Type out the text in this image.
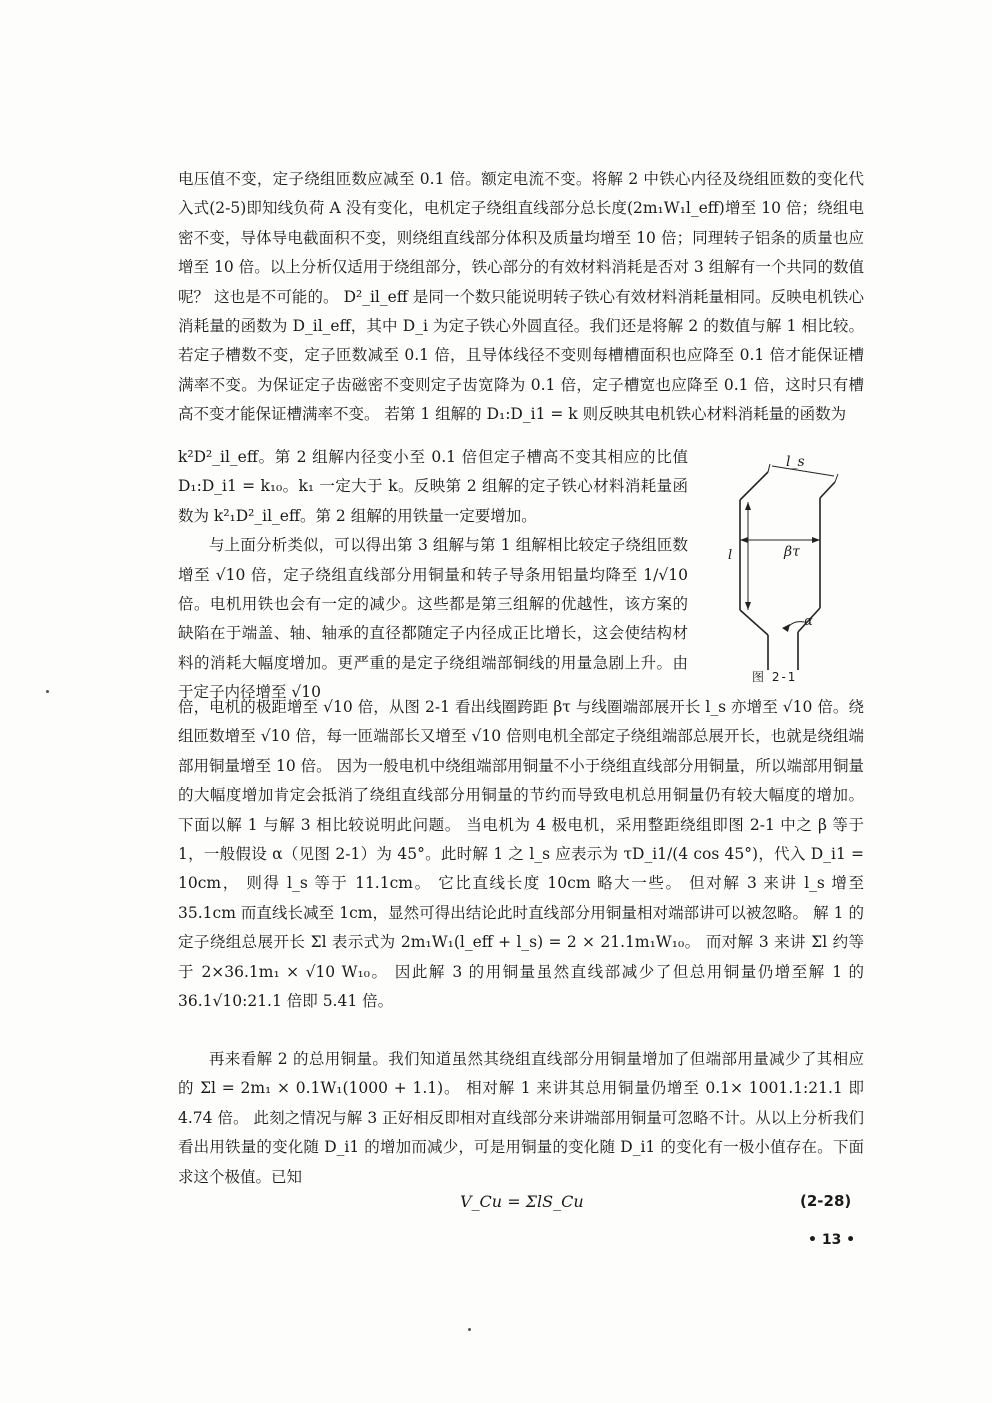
电压值不变，定子绕组匝数应减至 0.1 倍。额定电流不变。将解 2 中铁心内径及绕组匝数的变化代入式(2-5)即知线负荷 A 没有变化，电机定子绕组直线部分总长度(2m₁W₁l_eff)增至 10 倍；绕组电密不变，导体导电截面积不变，则绕组直线部分体积及质量均增至 10 倍；同理转子铝条的质量也应增至 10 倍。以上分析仅适用于绕组部分，铁心部分的有效材料消耗是否对 3 组解有一个共同的数值呢？ 这也是不可能的。 D²_il_eff 是同一个数只能说明转子铁心有效材料消耗量相同。反映电机铁心消耗量的函数为 D_il_eff，其中 D_i 为定子铁心外圆直径。我们还是将解 2 的数值与解 1 相比较。若定子槽数不变，定子匝数减至 0.1 倍，且导体线径不变则每槽槽面积也应降至 0.1 倍才能保证槽满率不变。为保证定子齿磁密不变则定子齿宽降为 0.1 倍，定子槽宽也应降至 0.1 倍，这时只有槽高不变才能保证槽满率不变。 若第 1 组解的 D₁:D_i1 = k 则反映其电机铁心材料消耗量的函数为

k²D²_il_eff。第 2 组解内径变小至 0.1 倍但定子槽高不变其相应的比值 D₁:D_i1 = k₁₀。k₁ 一定大于 k。反映第 2 组解的定子铁心材料消耗量函数为 k²₁D²_il_eff。第 2 组解的用铁量一定要增加。

与上面分析类似，可以得出第 3 组解与第 1 组解相比较定子绕组匝数增至 √10 倍，定子绕组直线部分用铜量和转子导条用铝量均降至 1/√10 倍。电机用铁也会有一定的减少。这些都是第三组解的优越性，该方案的缺陷在于端盖、轴、轴承的直径都随定子内径成正比增长，这会使结构材料的消耗大幅度增加。更严重的是定子绕组端部铜线的用量急剧上升。由于定子内径增至 √10

l_s
βτ
l
α
图 2-1

倍，电机的极距增至 √10 倍，从图 2-1 看出线圈跨距 βτ 与线圈端部展开长 l_s 亦增至 √10 倍。绕组匝数增至 √10 倍，每一匝端部长又增至 √10 倍则电机全部定子绕组端部总展开长，也就是绕组端部用铜量增至 10 倍。 因为一般电机中绕组端部用铜量不小于绕组直线部分用铜量，所以端部用铜量的大幅度增加肯定会抵消了绕组直线部分用铜量的节约而导致电机总用铜量仍有较大幅度的增加。 下面以解 1 与解 3 相比较说明此问题。 当电机为 4 极电机，采用整距绕组即图 2-1 中之 β 等于 1，一般假设 α（见图 2-1）为 45°。此时解 1 之 l_s 应表示为 τD_i1/(4 cos 45°)，代入 D_i1 = 10cm， 则得 l_s 等于 11.1cm。 它比直线长度 10cm 略大一些。 但对解 3 来讲 l_s 增至 35.1cm 而直线长减至 1cm，显然可得出结论此时直线部分用铜量相对端部讲可以被忽略。 解 1 的定子绕组总展开长 Σl 表示式为 2m₁W₁(l_eff + l_s) = 2 × 21.1m₁W₁₀。 而对解 3 来讲 Σl 约等于 2×36.1m₁ × √10 W₁₀。 因此解 3 的用铜量虽然直线部减少了但总用铜量仍增至解 1 的 36.1√10:21.1 倍即 5.41 倍。

再来看解 2 的总用铜量。我们知道虽然其绕组直线部分用铜量增加了但端部用量减少了其相应的 Σl = 2m₁ × 0.1W₁(1000 + 1.1)。 相对解 1 来讲其总用铜量仍增至 0.1× 1001.1:21.1 即 4.74 倍。 此刻之情况与解 3 正好相反即相对直线部分来讲端部用铜量可忽略不计。从以上分析我们看出用铁量的变化随 D_i1 的增加而减少，可是用铜量的变化随 D_i1 的变化有一极小值存在。下面求这个极值。已知

V_Cu = ΣlS_Cu	(2-28)
• 13 •
